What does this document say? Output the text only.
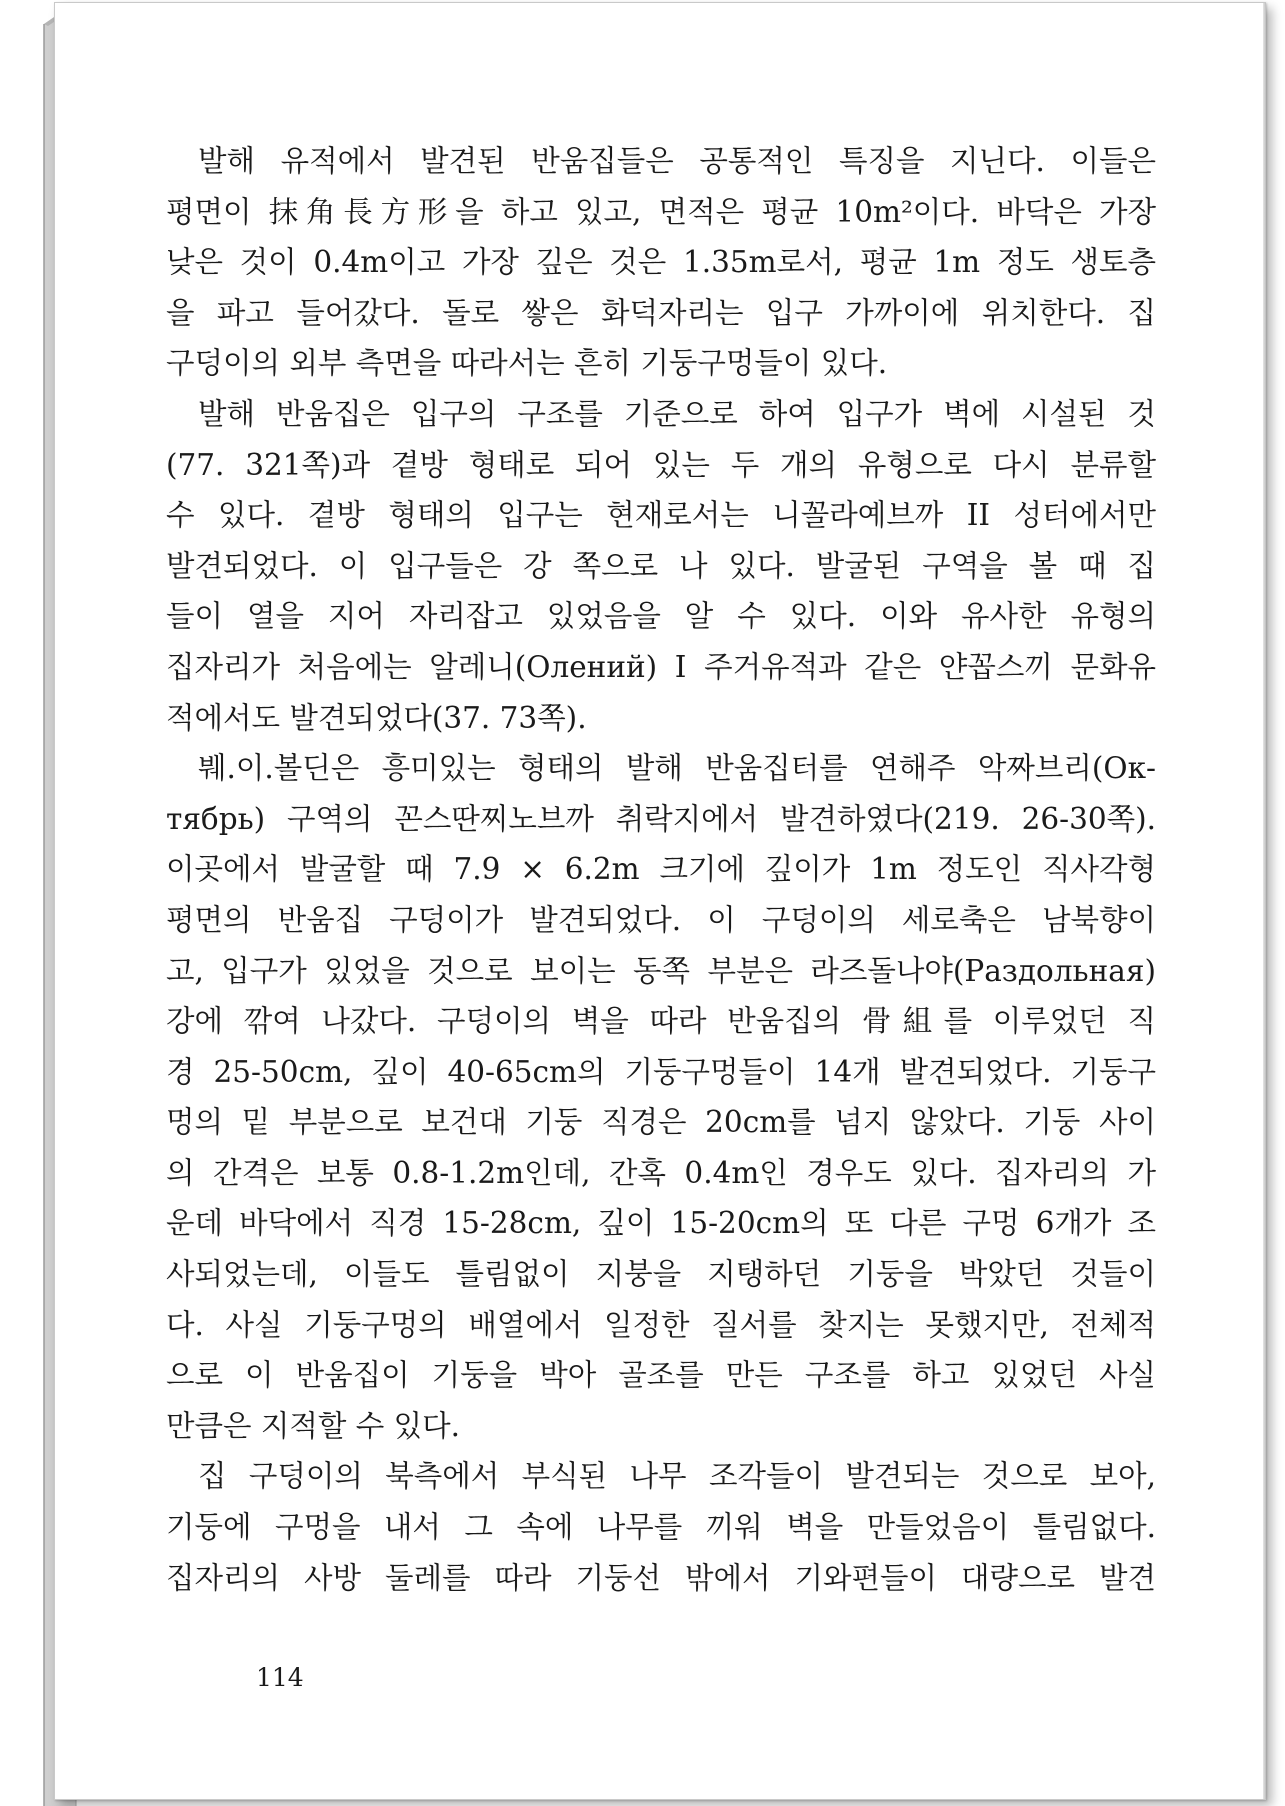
발해 유적에서 발견된 반움집들은 공통적인 특징을 지닌다. 이들은
평면이 抹角長方形을 하고 있고, 면적은 평균 10m²이다. 바닥은 가장
낮은 것이 0.4m이고 가장 깊은 것은 1.35m로서, 평균 1m 정도 생토층
을 파고 들어갔다. 돌로 쌓은 화덕자리는 입구 가까이에 위치한다. 집
구덩이의 외부 측면을 따라서는 흔히 기둥구멍들이 있다.
발해 반움집은 입구의 구조를 기준으로 하여 입구가 벽에 시설된 것
(77. 321쪽)과 곁방 형태로 되어 있는 두 개의 유형으로 다시 분류할
수 있다. 곁방 형태의 입구는 현재로서는 니꼴라예브까 II 성터에서만
발견되었다. 이 입구들은 강 쪽으로 나 있다. 발굴된 구역을 볼 때 집
들이 열을 지어 자리잡고 있었음을 알 수 있다. 이와 유사한 유형의
집자리가 처음에는 알레니(Олений) I 주거유적과 같은 얀꼽스끼 문화유
적에서도 발견되었다(37. 73쪽).
붸.이.볼딘은 흥미있는 형태의 발해 반움집터를 연해주 악짜브리(Ок-
тябрь) 구역의 꼰스딴찌노브까 취락지에서 발견하였다(219. 26-30쪽).
이곳에서 발굴할 때 7.9 × 6.2m 크기에 깊이가 1m 정도인 직사각형
평면의 반움집 구덩이가 발견되었다. 이 구덩이의 세로축은 남북향이
고, 입구가 있었을 것으로 보이는 동쪽 부분은 라즈돌나야(Раздольная)
강에 깎여 나갔다. 구덩이의 벽을 따라 반움집의 骨組를 이루었던 직
경 25-50cm, 깊이 40-65cm의 기둥구멍들이 14개 발견되었다. 기둥구
멍의 밑 부분으로 보건대 기둥 직경은 20cm를 넘지 않았다. 기둥 사이
의 간격은 보통 0.8-1.2m인데, 간혹 0.4m인 경우도 있다. 집자리의 가
운데 바닥에서 직경 15-28cm, 깊이 15-20cm의 또 다른 구멍 6개가 조
사되었는데, 이들도 틀림없이 지붕을 지탱하던 기둥을 박았던 것들이
다. 사실 기둥구멍의 배열에서 일정한 질서를 찾지는 못했지만, 전체적
으로 이 반움집이 기둥을 박아 골조를 만든 구조를 하고 있었던 사실
만큼은 지적할 수 있다.
집 구덩이의 북측에서 부식된 나무 조각들이 발견되는 것으로 보아,
기둥에 구멍을 내서 그 속에 나무를 끼워 벽을 만들었음이 틀림없다.
집자리의 사방 둘레를 따라 기둥선 밖에서 기와편들이 대량으로 발견
114
